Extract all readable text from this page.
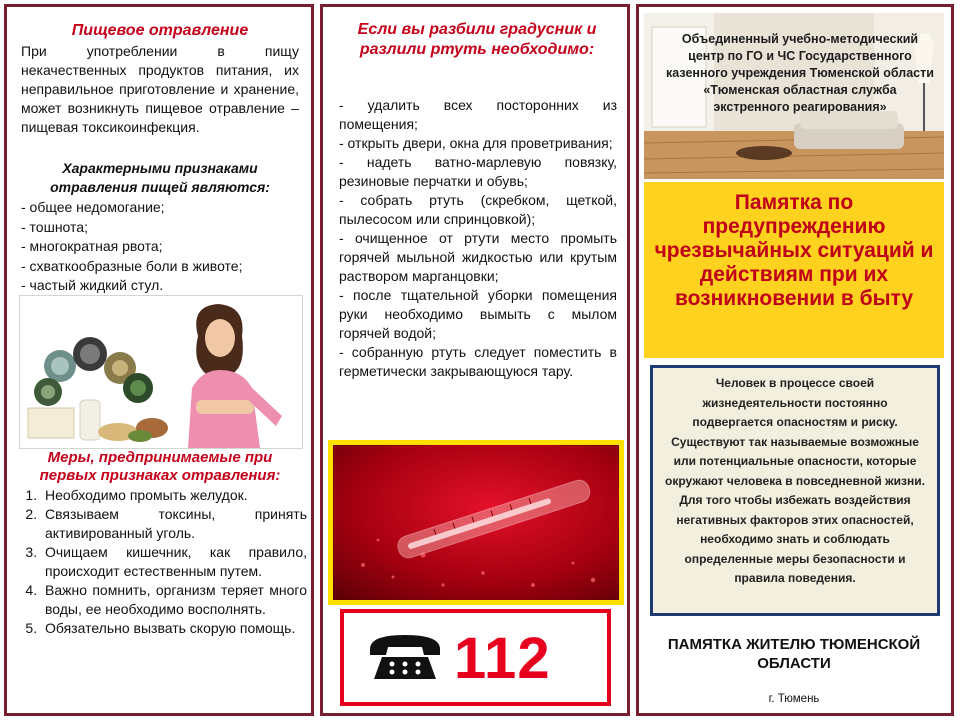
Пищевое отравление
При употреблении в пищу некачественных продуктов питания, их неправильное приготовление и хранение, может возникнуть пищевое отравление – пищевая токсикоинфекция.
Характерными признаками отравления пищей являются:
- общее недомогание;
- тошнота;
- многократная рвота;
- схваткообразные боли в животе;
- частый жидкий стул.
Меры, предпринимаемые при первых признаках отравления:
1. Необходимо промыть желудок.
2. Связываем токсины, принять активированный уголь.
3. Очищаем кишечник, как правило, происходит естественным путем.
4. Важно помнить, организм теряет много воды, ее необходимо восполнять.
5. Обязательно вызвать скорую помощь.
Если вы разбили градусник и разлили ртуть необходимо:
- удалить всех посторонних из помещения;
- открыть двери, окна для проветривания;
- надеть ватно-марлевую повязку, резиновые перчатки и обувь;
- собрать ртуть (скребком, щеткой, пылесосом или спринцовкой);
- очищенное от ртути место промыть горячей мыльной жидкостью или крутым раствором марганцовки;
- после тщательной уборки помещения руки необходимо вымыть с мылом горячей водой;
- собранную ртуть следует поместить в герметически закрывающуюся тару.
112
Объединенный учебно-методический центр по ГО и ЧС Государственного казенного учреждения Тюменской области «Тюменская областная служба экстренного реагирования»
Памятка по предупреждению чрезвычайных ситуаций и действиям при их возникновении в быту

Человек в процессе своей жизнедеятельности постоянно подвергается опасностям и риску. Существуют так называемые возможные или потенциальные опасности, которые окружают человека в повседневной жизни. Для того чтобы избежать воздействия негативных факторов этих опасностей, необходимо знать и соблюдать определенные меры безопасности и правила поведения.

ПАМЯТКА ЖИТЕЛЮ ТЮМЕНСКОЙ ОБЛАСТИ
г. Тюмень
